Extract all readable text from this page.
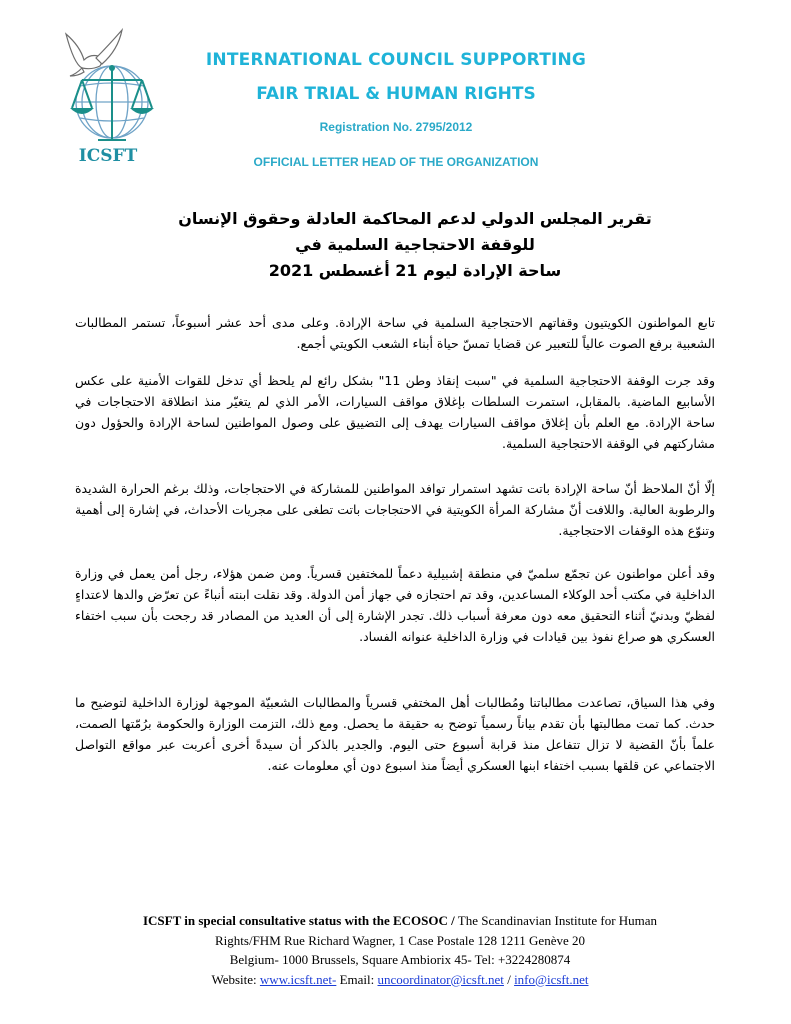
ICSFT
INTERNATIONAL COUNCIL SUPPORTING
FAIR TRIAL & HUMAN RIGHTS
Registration No. 2795/2012
OFFICIAL LETTER HEAD OF THE ORGANIZATION
تقرير المجلس الدولي لدعم المحاكمة العادلة وحقوق الإنسان للوقفة الاحتجاجية السلمية في
ساحة الإرادة ليوم 21 أغسطس 2021
تابع المواطنون الكويتيون وقفاتهم الاحتجاجية السلمية في ساحة الإرادة. وعلى مدى أحد عشر أسبوعاً، تستمر المطالبات الشعبية برفع الصوت عالياً للتعبير عن قضايا تمسّ حياة أبناء الشعب الكويتي أجمع.
وقد جرت الوقفة الاحتجاجية السلمية في "سبت إنقاذ وطن 11" بشكل رائع لم يلحظ أي تدخل للقوات الأمنية على عكس الأسابيع الماضية. بالمقابل، استمرت السلطات بإغلاق مواقف السيارات، الأمر الذي لم يتغيّر منذ انطلاقة الاحتجاجات في ساحة الإرادة. مع العلم بأن إغلاق مواقف السيارات يهدف إلى التضييق على وصول المواطنين لساحة الإرادة والحؤول دون مشاركتهم في الوقفة الاحتجاجية السلمية.
إلّا أنّ الملاحظ أنّ ساحة الإرادة باتت تشهد استمرار توافد المواطنين للمشاركة في الاحتجاجات، وذلك برغم الحرارة الشديدة والرطوبة العالية. واللافت أنّ مشاركة المرأة الكويتية في الاحتجاجات باتت تطغى على مجريات الأحداث، في إشارة إلى أهمية وتنوّع هذه الوقفات الاحتجاجية.
وقد أعلن مواطنون عن تجمّع سلميّ في منطقة إشبيلية دعماً للمختفين قسرياً. ومن ضمن هؤلاء، رجل أمن يعمل في وزارة الداخلية في مكتب أحد الوكلاء المساعدين، وقد تم احتجازه في جهاز أمن الدولة. وقد نقلت ابنته أنباءً عن تعرّض والدها لاعتداءٍ لفظيّ وبدنيّ أثناء التحقيق معه دون معرفة أسباب ذلك. تجدر الإشارة إلى أن العديد من المصادر قد رجحت بأن سبب اختفاء العسكري هو صراع نفوذ بين قيادات في وزارة الداخلية عنوانه الفساد.
وفي هذا السياق، تصاعدت مطالباتنا ومُطالبات أهل المختفي قسرياً والمطالبات الشعبيّة الموجهة لوزارة الداخلية لتوضيح ما حدث. كما تمت مطالبتها بأن تقدم بياناً رسمياً توضح به حقيقة ما يحصل. ومع ذلك، التزمت الوزارة والحكومة برُمّتها الصمت، علماً بأنّ القضية لا تزال تتفاعل منذ قرابة أسبوع حتى اليوم. والجدير بالذكر أن سيدةً أخرى أعربت عبر مواقع التواصل الاجتماعي عن قلقها بسبب اختفاء ابنها العسكري أيضاً منذ اسبوع دون أي معلومات عنه.
ICSFT in special consultative status with the ECOSOC / The Scandinavian Institute for Human
Rights/FHM Rue Richard Wagner, 1 Case Postale 128 1211 Genève 20
Belgium- 1000 Brussels, Square Ambiorix 45- Tel: +3224280874
Website: www.icsft.net- Email: uncoordinator@icsft.net / info@icsft.net
